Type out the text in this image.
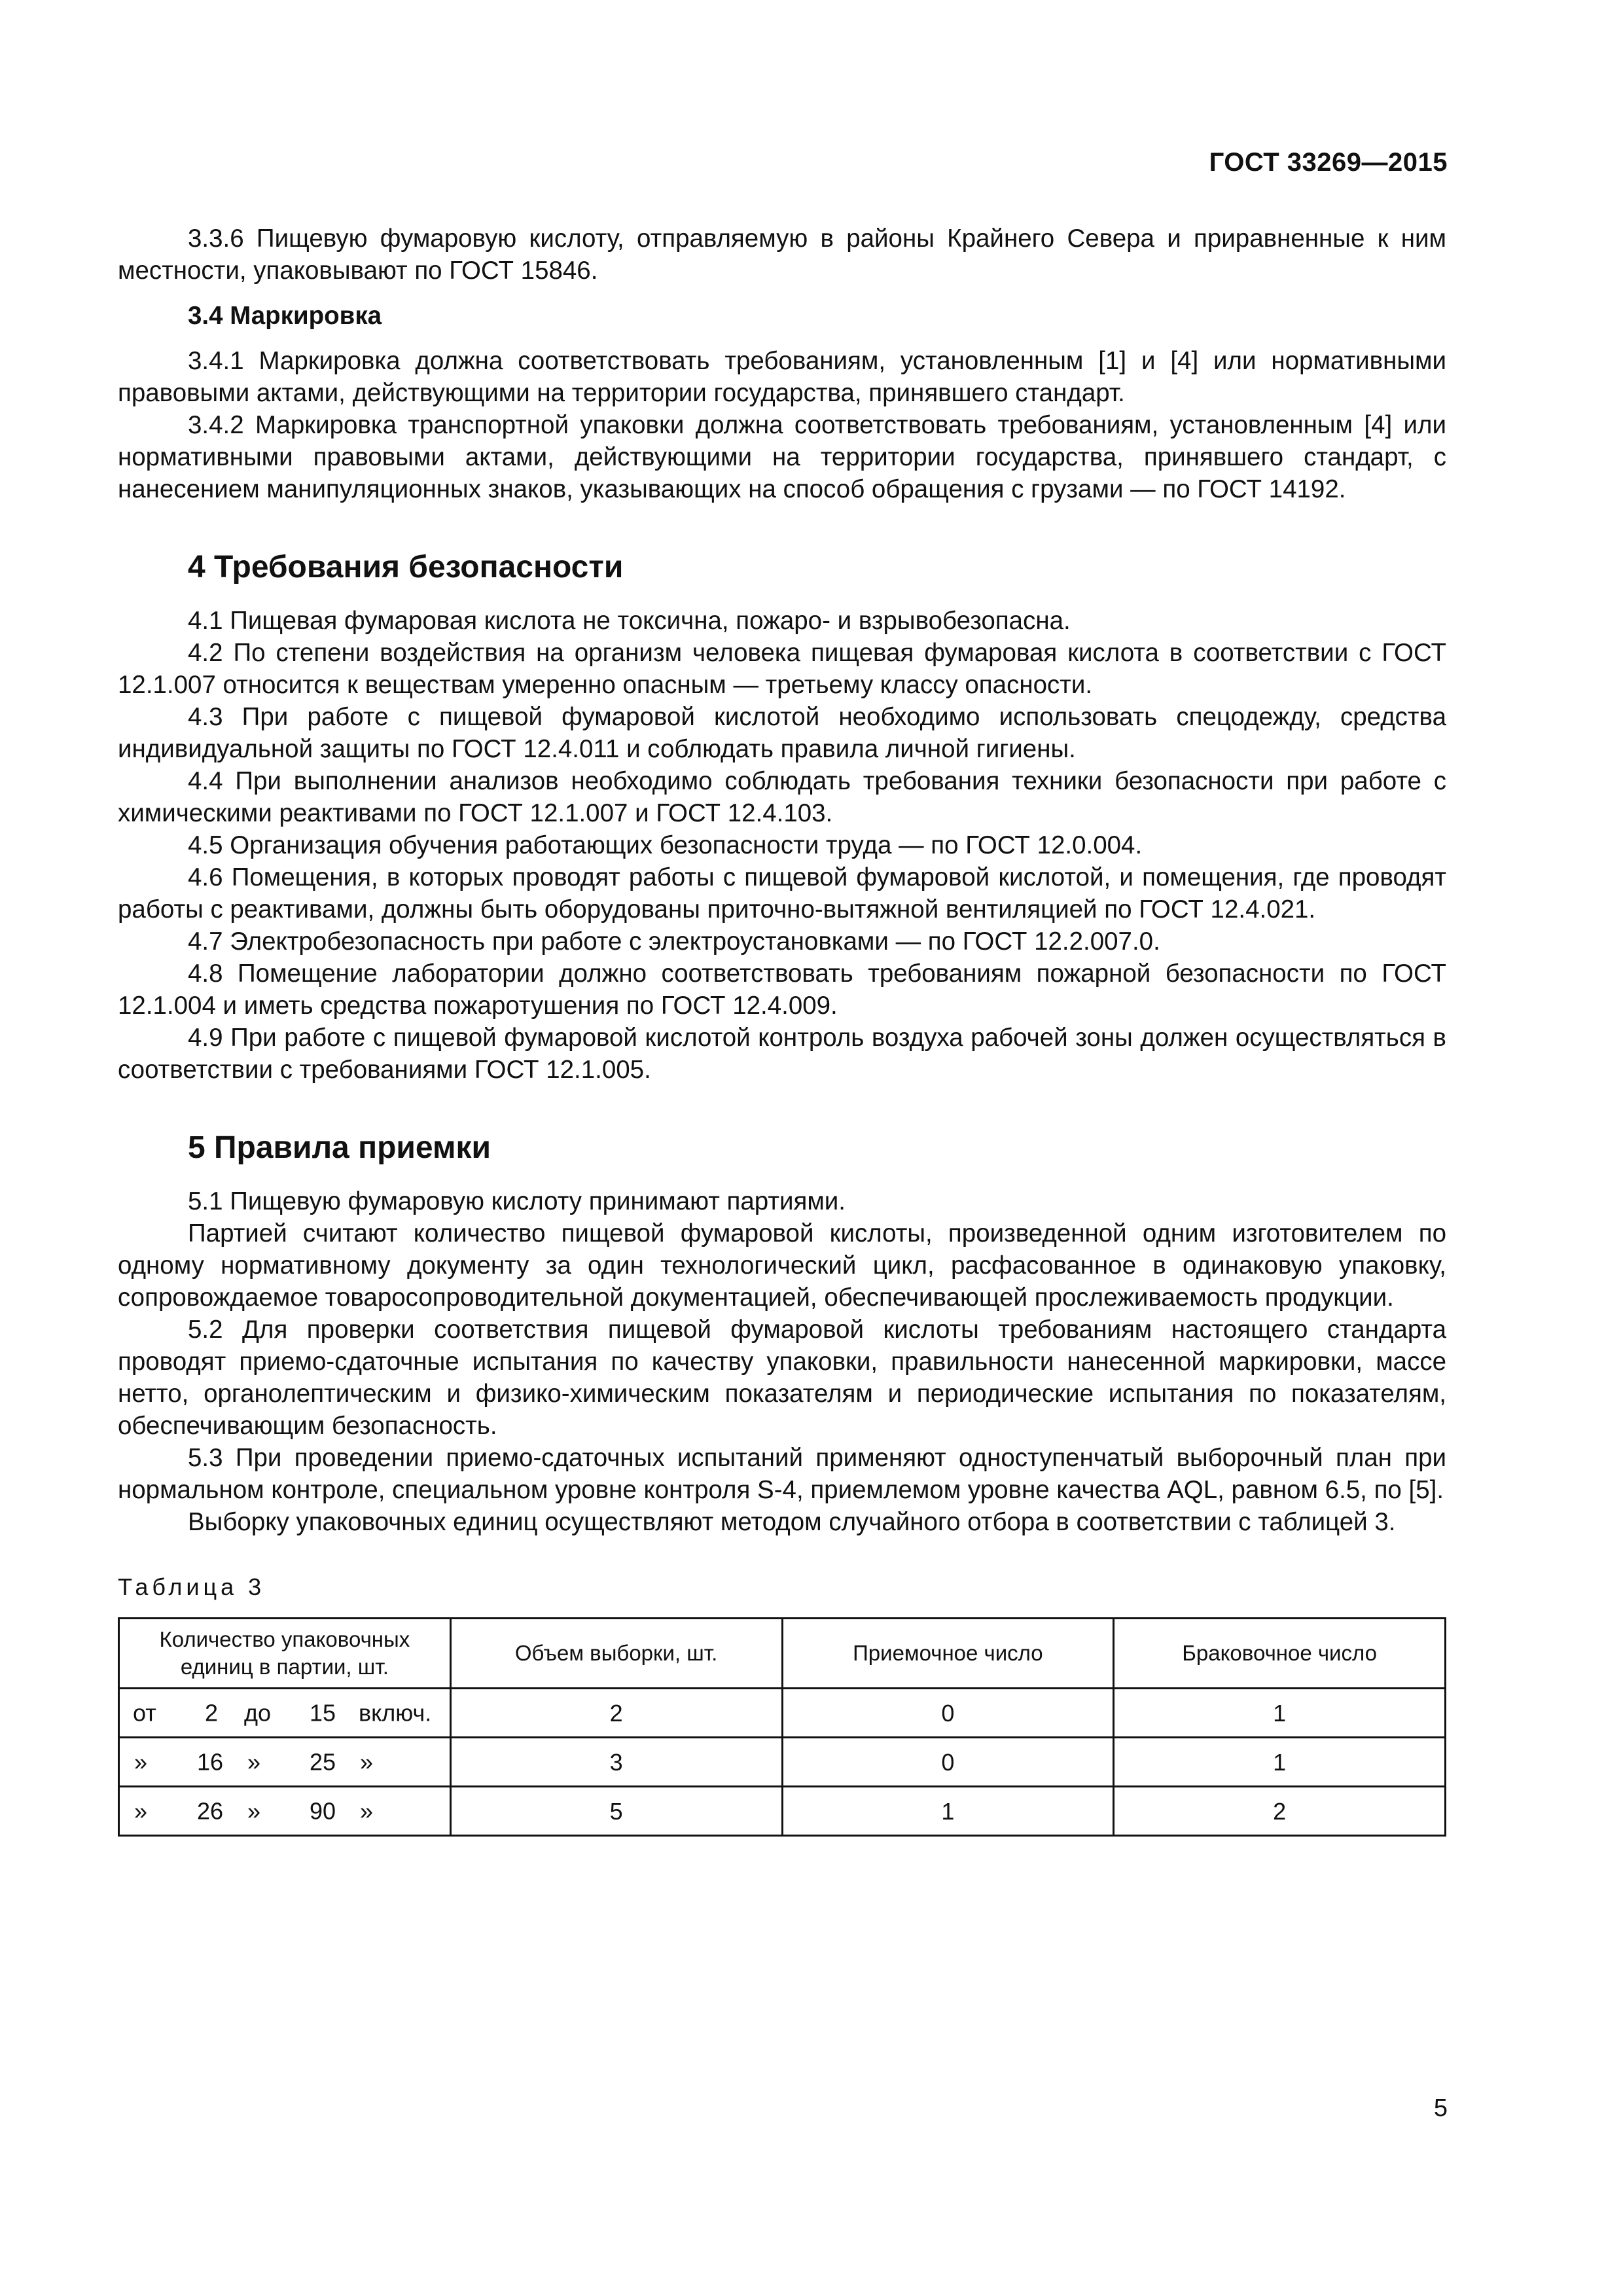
ГОСТ 33269—2015

3.3.6 Пищевую фумаровую кислоту, отправляемую в районы Крайнего Севера и приравненные к ним местности, упаковывают по ГОСТ 15846.

3.4 Маркировка

3.4.1 Маркировка должна соответствовать требованиям, установленным [1] и [4] или нормативными правовыми актами, действующими на территории государства, принявшего стандарт.

3.4.2 Маркировка транспортной упаковки должна соответствовать требованиям, установленным [4] или нормативными правовыми актами, действующими на территории государства, принявшего стандарт, с нанесением манипуляционных знаков, указывающих на способ обращения с грузами — по ГОСТ 14192.

4 Требования безопасности

4.1 Пищевая фумаровая кислота не токсична, пожаро- и взрывобезопасна.

4.2 По степени воздействия на организм человека пищевая фумаровая кислота в соответствии с ГОСТ 12.1.007 относится к веществам умеренно опасным — третьему классу опасности.

4.3 При работе с пищевой фумаровой кислотой необходимо использовать спецодежду, средства индивидуальной защиты по ГОСТ 12.4.011 и соблюдать правила личной гигиены.

4.4 При выполнении анализов необходимо соблюдать требования техники безопасности при работе с химическими реактивами по ГОСТ 12.1.007 и ГОСТ 12.4.103.

4.5 Организация обучения работающих безопасности труда — по ГОСТ 12.0.004.

4.6 Помещения, в которых проводят работы с пищевой фумаровой кислотой, и помещения, где проводят работы с реактивами, должны быть оборудованы приточно-вытяжной вентиляцией по ГОСТ 12.4.021.

4.7 Электробезопасность при работе с электроустановками — по ГОСТ 12.2.007.0.

4.8 Помещение лаборатории должно соответствовать требованиям пожарной безопасности по ГОСТ 12.1.004 и иметь средства пожаротушения по ГОСТ 12.4.009.

4.9 При работе с пищевой фумаровой кислотой контроль воздуха рабочей зоны должен осуществляться в соответствии с требованиями ГОСТ 12.1.005.

5 Правила приемки

5.1 Пищевую фумаровую кислоту принимают партиями.

Партией считают количество пищевой фумаровой кислоты, произведенной одним изготовителем по одному нормативному документу за один технологический цикл, расфасованное в одинаковую упаковку, сопровождаемое товаросопроводительной документацией, обеспечивающей прослеживаемость продукции.

5.2 Для проверки соответствия пищевой фумаровой кислоты требованиям настоящего стандарта проводят приемо-сдаточные испытания по качеству упаковки, правильности нанесенной маркировки, массе нетто, органолептическим и физико-химическим показателям и периодические испытания по показателям, обеспечивающим безопасность.

5.3 При проведении приемо-сдаточных испытаний применяют одноступенчатый выборочный план при нормальном контроле, специальном уровне контроля S-4, приемлемом уровне качества AQL, равном 6.5, по [5].

Выборку упаковочных единиц осуществляют методом случайного отбора в соответствии с таблицей 3.

Таблица 3
Количество упаковочных единиц в партии, шт.	Объем выборки, шт.	Приемочное число	Браковочное число

от 2 до 15 включ.	2	0	1

» 16 » 25 »	3	0	1

» 26 » 90 »	5	1	2
5
